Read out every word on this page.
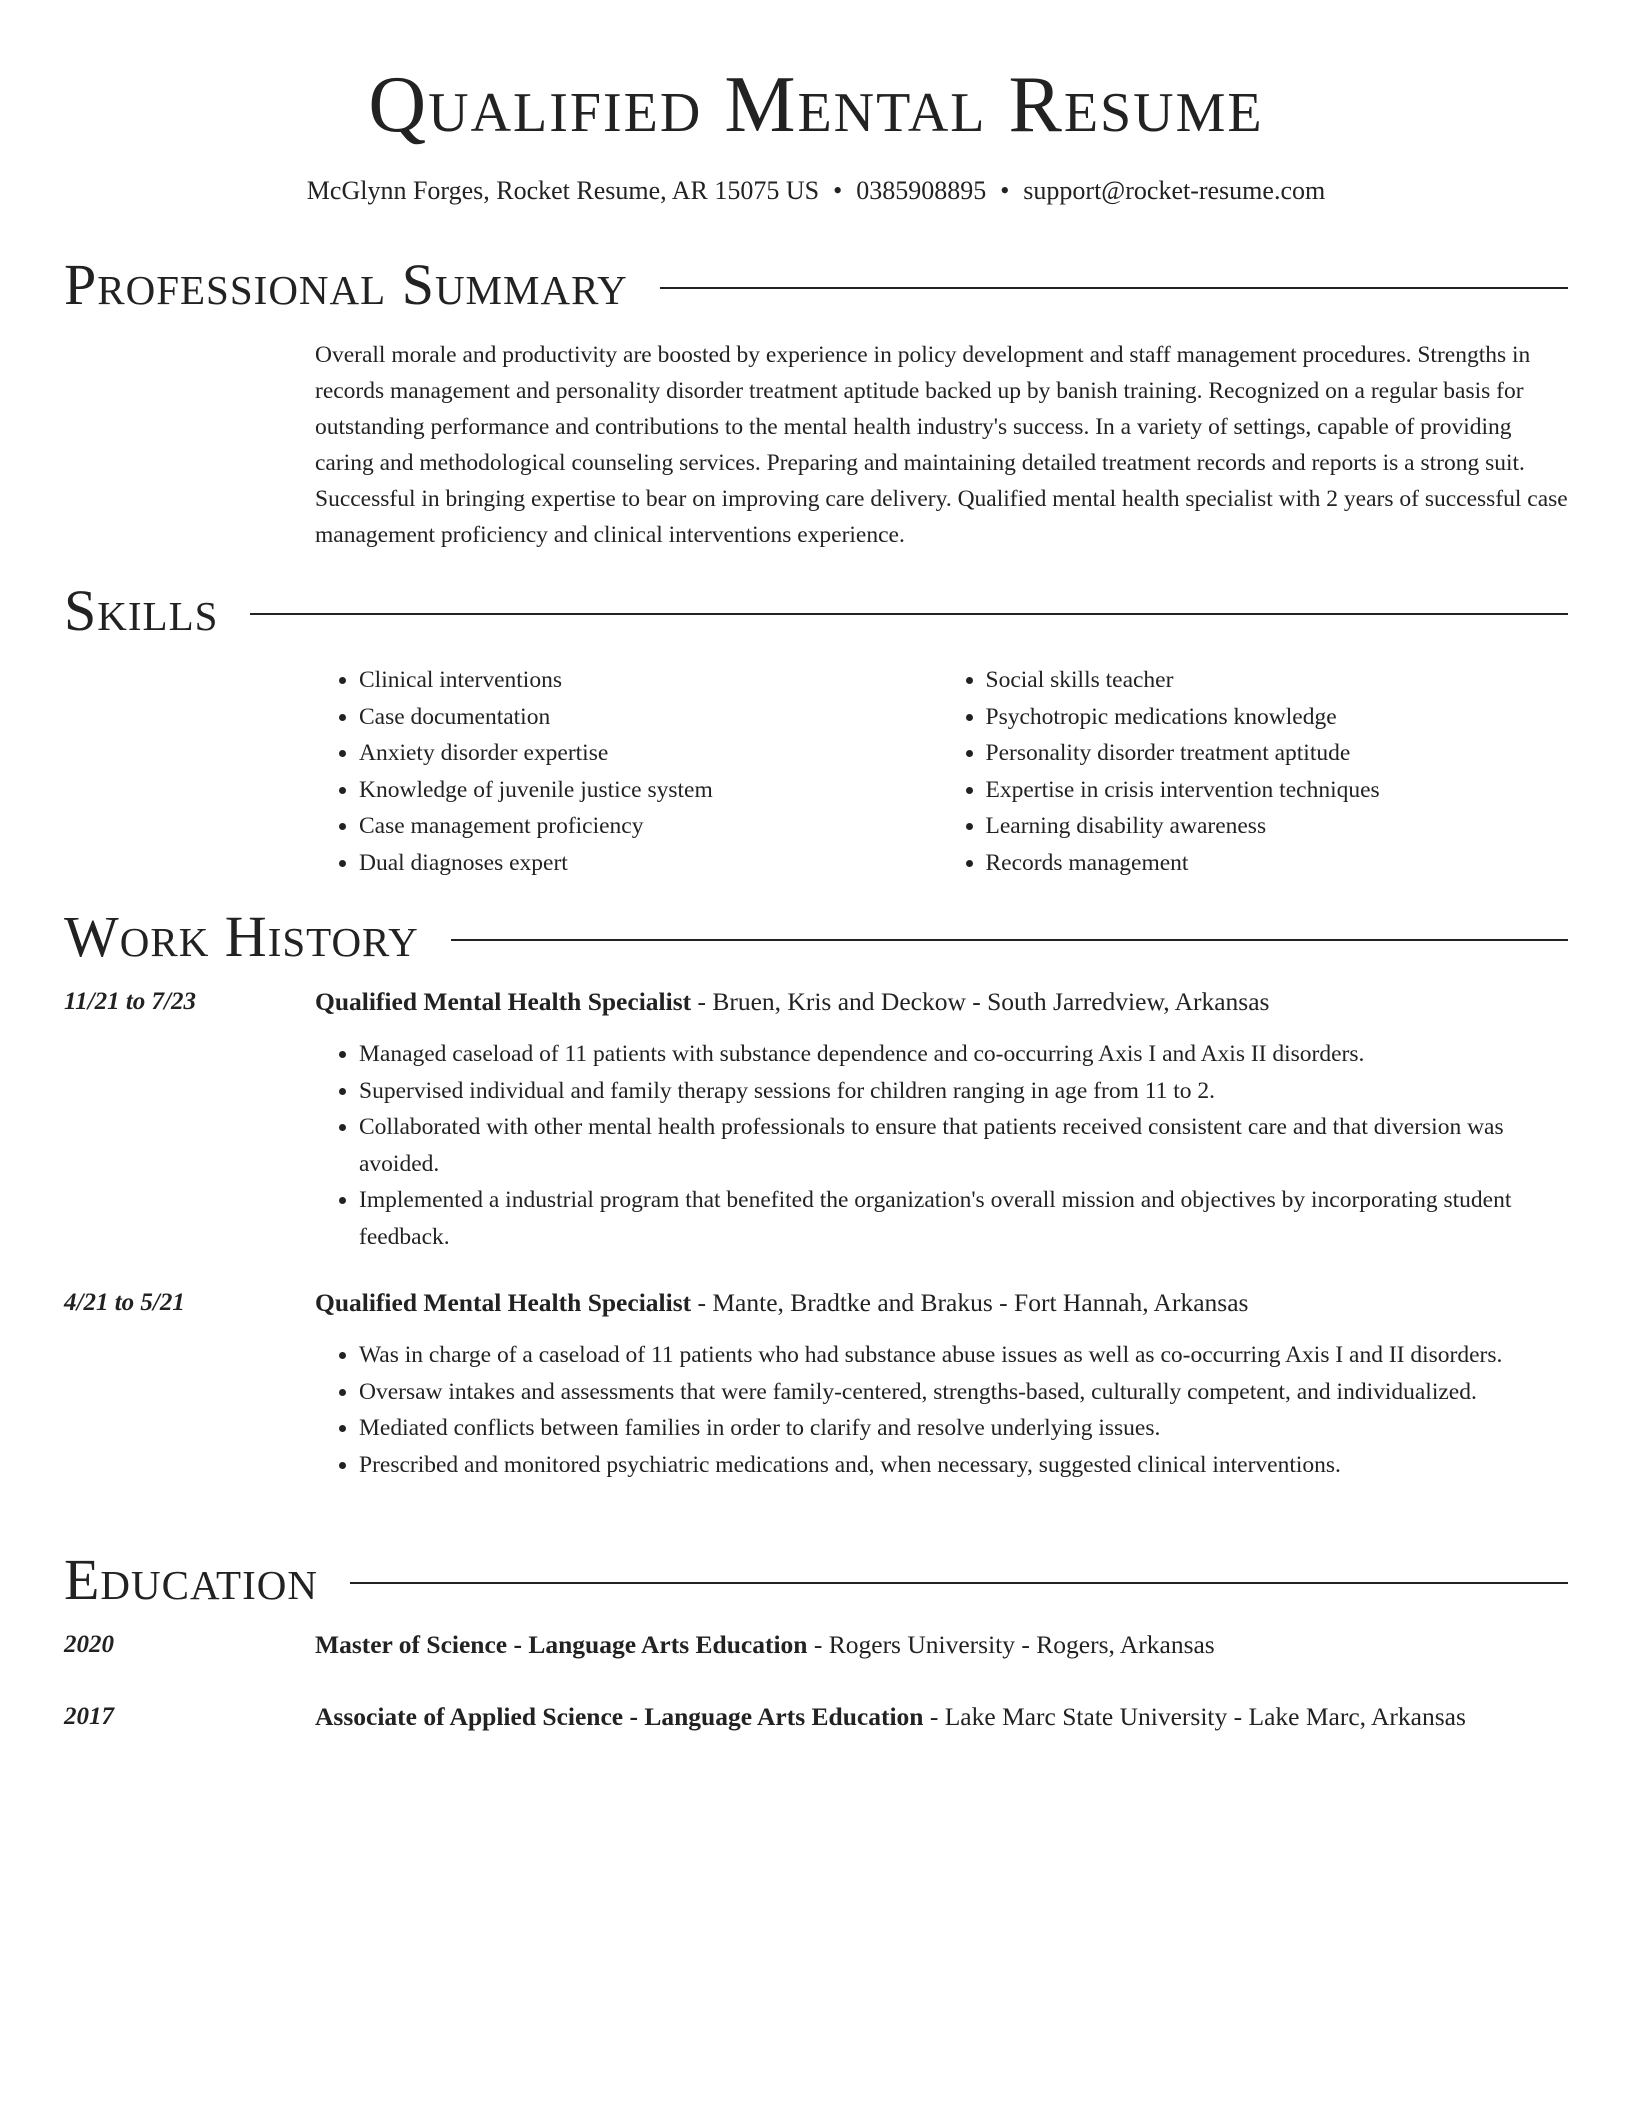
Qualified Mental Resume
McGlynn Forges, Rocket Resume, AR 15075 US • 0385908895 • support@rocket-resume.com
Professional Summary
Overall morale and productivity are boosted by experience in policy development and staff management procedures. Strengths in records management and personality disorder treatment aptitude backed up by banish training. Recognized on a regular basis for outstanding performance and contributions to the mental health industry's success. In a variety of settings, capable of providing caring and methodological counseling services. Preparing and maintaining detailed treatment records and reports is a strong suit. Successful in bringing expertise to bear on improving care delivery. Qualified mental health specialist with 2 years of successful case management proficiency and clinical interventions experience.
Skills
• Clinical interventions
• Case documentation
• Anxiety disorder expertise
• Knowledge of juvenile justice system
• Case management proficiency
• Dual diagnoses expert
• Social skills teacher
• Psychotropic medications knowledge
• Personality disorder treatment aptitude
• Expertise in crisis intervention techniques
• Learning disability awareness
• Records management
Work History
11/21 to 7/23	Qualified Mental Health Specialist - Bruen, Kris and Deckow - South Jarredview, Arkansas
• Managed caseload of 11 patients with substance dependence and co-occurring Axis I and Axis II disorders.
• Supervised individual and family therapy sessions for children ranging in age from 11 to 2.
• Collaborated with other mental health professionals to ensure that patients received consistent care and that diversion was avoided.
• Implemented a industrial program that benefited the organization's overall mission and objectives by incorporating student feedback.
4/21 to 5/21	Qualified Mental Health Specialist - Mante, Bradtke and Brakus - Fort Hannah, Arkansas
• Was in charge of a caseload of 11 patients who had substance abuse issues as well as co-occurring Axis I and II disorders.
• Oversaw intakes and assessments that were family-centered, strengths-based, culturally competent, and individualized.
• Mediated conflicts between families in order to clarify and resolve underlying issues.
• Prescribed and monitored psychiatric medications and, when necessary, suggested clinical interventions.
Education
2020	Master of Science - Language Arts Education - Rogers University - Rogers, Arkansas
2017	Associate of Applied Science - Language Arts Education - Lake Marc State University - Lake Marc, Arkansas
